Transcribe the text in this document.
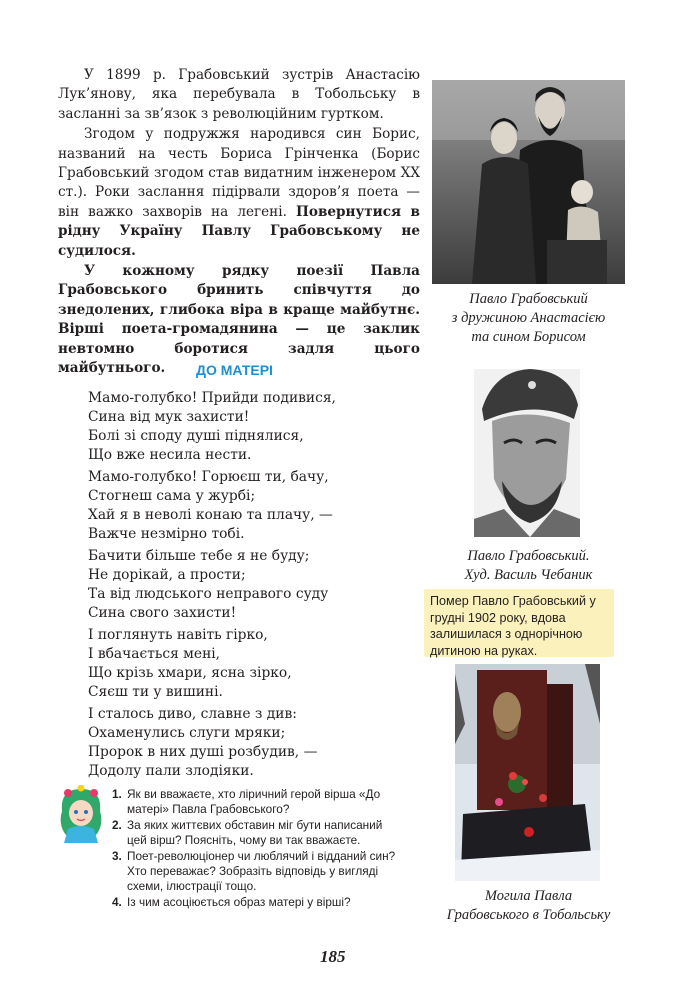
У 1899 р. Грабовський зустрів Анастасію Лук’янову, яка перебувала в Тобольську в засланні за зв’язок з революційним гуртком.

Згодом у подружжя народився син Борис, названий на честь Бориса Грінченка (Борис Грабовський згодом став видатним інженером XX ст.). Роки заслання підірвали здоров’я поета — він важко захворів на легені. Повернутися в рідну Україну Павлу Грабовському не судилося.

У кожному рядку поезії Павла Грабовського бринить співчуття до знедолених, глибока віра в краще майбутнє. Вірші поета-громадянина — це заклик невтомно боротися задля цього майбутнього.	ДО МАТЕРІ
Мамо-голубко! Прийди подивися,
Сина від мук захисти!
Болі зі споду душі піднялися,
Що вже несила нести.
Мамо-голубко! Горюєш ти, бачу,
Стогнеш сама у журбі;
Хай я в неволі конаю та плачу, —
Важче незмірно тобі.
Бачити більше тебе я не буду;
Не дорікай, а прости;
Та від людського неправого суду
Сина свого захисти!
І поглянуть навіть гірко,
І вбачається мені,
Що крізь хмари, ясна зірко,
Сяєш ти у вишині.
І сталось диво, славне з див:
Охаменулись слуги мряки;
Пророк в них душі розбудив, —
Додолу пали злодіяки.
Павло Грабовський
з дружиною Анастасією
та сином Борисом
Павло Грабовський.
Худ. Василь Чебаник
Помер Павло Грабовський у грудні 1902 року, вдова залишилася з однорічною дитиною на руках.
Могила Павла
Грабовського в Тобольську
1. Як ви вважаєте, хто ліричний герой вірша «До матері» Павла Грабовського?
2. За яких життєвих обставин міг бути написаний цей вірш? Поясніть, чому ви так вважаєте.
3. Поет-революціонер чи люблячий і відданий син? Хто переважає? Зобразіть відповідь у вигляді схеми, ілюстрації тощо.
4. Із чим асоціюється образ матері у вірші?
185
